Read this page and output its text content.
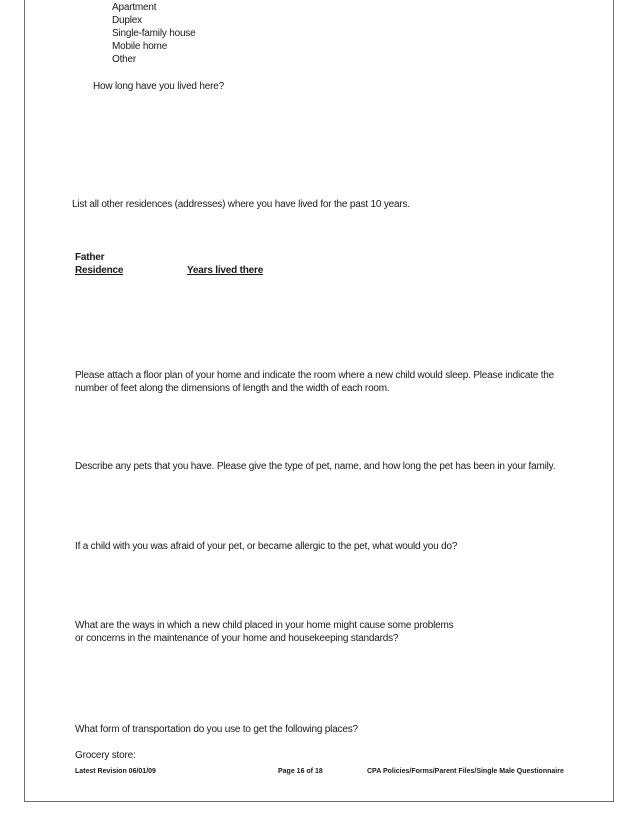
Apartment
Duplex
Single-family house
Mobile home
Other
How long have you lived here?
List all other residences (addresses) where you have lived for the past 10 years.
Father
Residence	Years lived there
Please attach a floor plan of your home and indicate the room where a new child would sleep. Please indicate the
number of feet along the dimensions of length and the width of each room.
Describe any pets that you have. Please give the type of pet, name, and how long the pet has been in your family.
If a child with you was afraid of your pet, or became allergic to the pet, what would you do?
What are the ways in which a new child placed in your home might cause some problems
or concerns in the maintenance of your home and housekeeping standards?
What form of transportation do you use to get the following places?
Grocery store:
Latest Revision 06/01/09	Page 16 of 18	CPA Policies/Forms/Parent Files/Single Male Questionnaire
